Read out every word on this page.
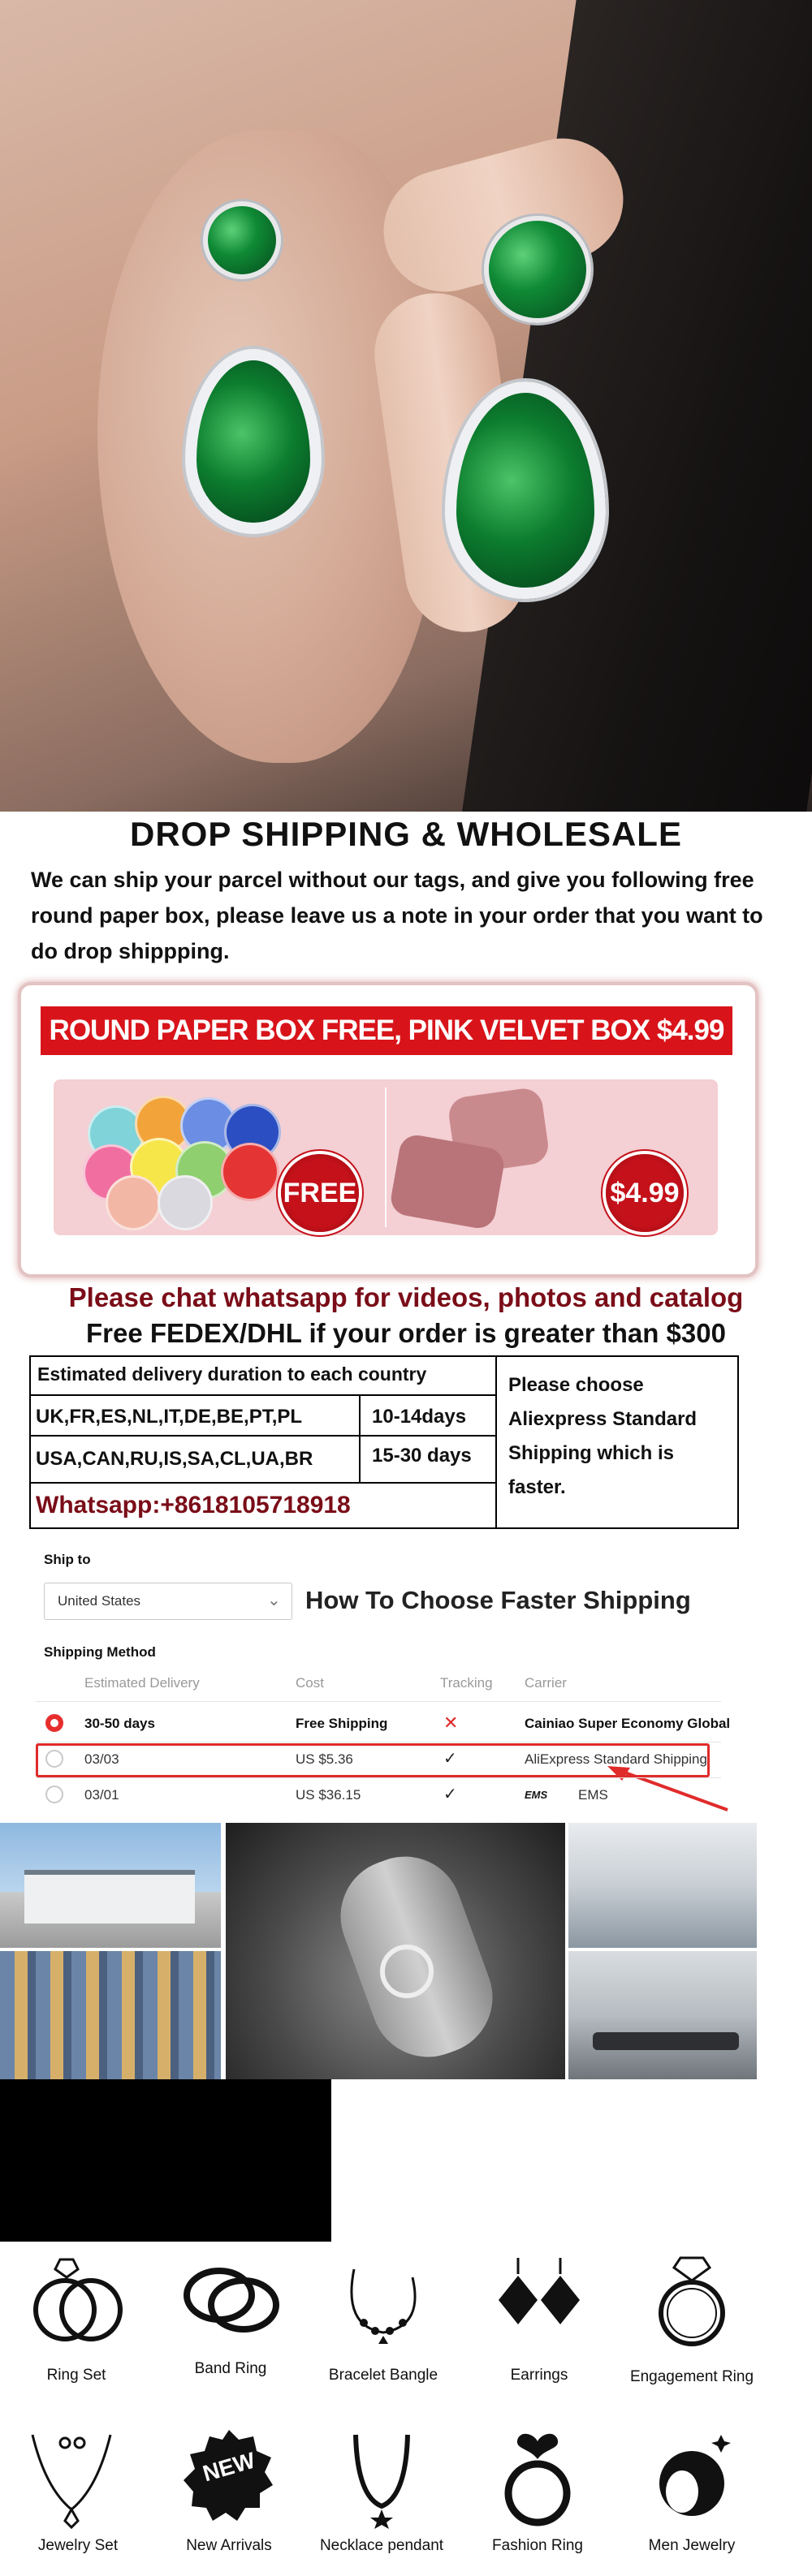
DROP SHIPPING & WHOLESALE
We can ship your parcel without our tags, and give you following free round paper box, please leave us a note in your order that you want to do drop shippping.
ROUND PAPER BOX FREE, PINK VELVET BOX $4.99
FREE	$4.99
Please chat whatsapp for videos, photos and catalog
Free FEDEX/DHL if your order is greater than $300
Estimated delivery duration to each country
UK,FR,ES,NL,IT,DE,BE,PT,PL	10-14days
USA,CAN,RU,IS,SA,CL,UA,BR	15-30 days
Whatsapp:+8618105718918
Please choose
Aliexpress Standard
Shipping which is
faster.
Ship to
United States	⌄ How To Choose Faster Shipping
Shipping Method
Estimated Delivery	Cost	Tracking Carrier
30-50 days	Free Shipping	✕	Cainiao Super Economy Global
03/03	US $5.36	✓	AliExpress Standard Shipping
03/01	US $36.15	✓	EMS EMS
Ring Set	Band Ring	Bracelet Bangle	Earrings	Engagement Ring
Jewelry Set
NEW
New Arrivals	Necklace pendant	Fashion Ring	Men Jewelry
